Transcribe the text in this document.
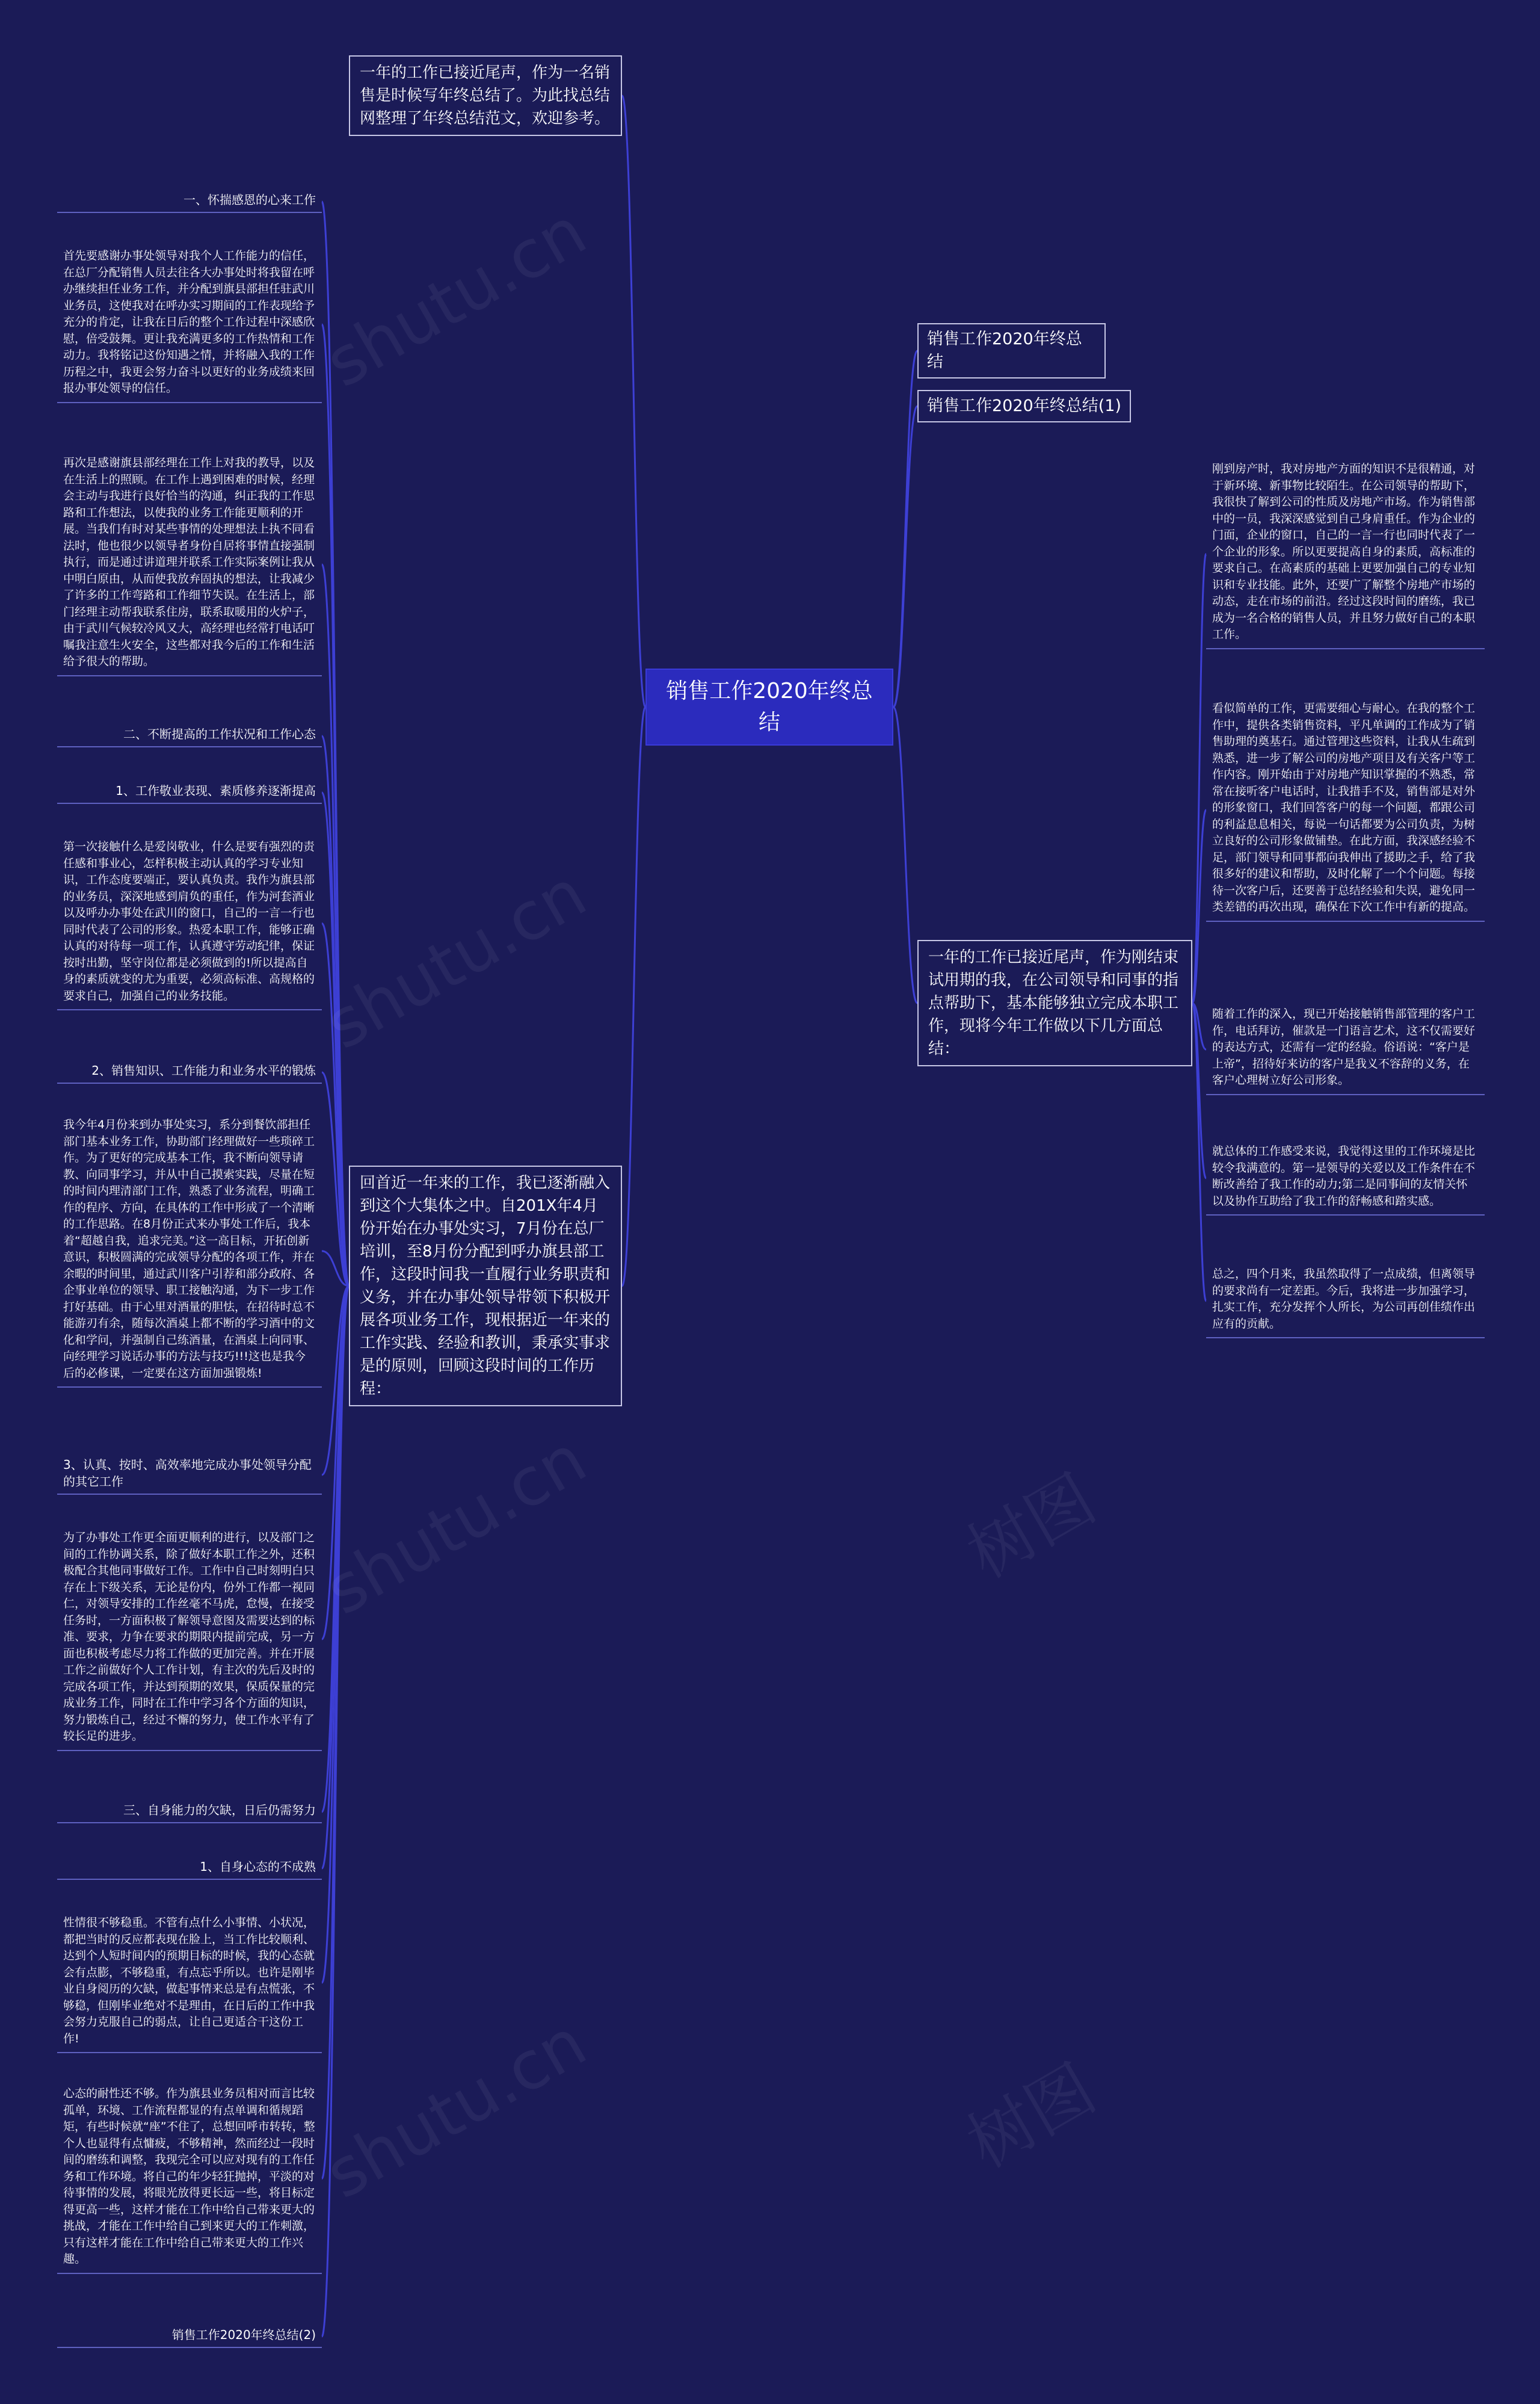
shutu.cn
shutu.cn
shutu.cn
shutu.cn
树图
树图
销售工作2020年终总结
销售工作2020年终总结
销售工作2020年终总结(1)
一年的工作已接近尾声，作为刚结束试用期的我，在公司领导和同事的指点帮助下，基本能够独立完成本职工作，现将今年工作做以下几方面总结：
刚到房产时，我对房地产方面的知识不是很精通，对于新环境、新事物比较陌生。在公司领导的帮助下，我很快了解到公司的性质及房地产市场。作为销售部中的一员，我深深感觉到自己身肩重任。作为企业的门面，企业的窗口，自己的一言一行也同时代表了一个企业的形象。所以更要提高自身的素质，高标准的要求自己。在高素质的基础上更要加强自己的专业知识和专业技能。此外，还要广了解整个房地产市场的动态，走在市场的前沿。经过这段时间的磨练，我已成为一名合格的销售人员，并且努力做好自己的本职工作。
看似简单的工作，更需要细心与耐心。在我的整个工作中，提供各类销售资料，平凡单调的工作成为了销售助理的奠基石。通过管理这些资料，让我从生疏到熟悉，进一步了解公司的房地产项目及有关客户等工作内容。刚开始由于对房地产知识掌握的不熟悉，常常在接听客户电话时，让我措手不及，销售部是对外的形象窗口，我们回答客户的每一个问题，都跟公司的利益息息相关，每说一句话都要为公司负责，为树立良好的公司形象做铺垫。在此方面，我深感经验不足，部门领导和同事都向我伸出了援助之手，给了我很多好的建议和帮助，及时化解了一个个问题。每接待一次客户后，还要善于总结经验和失误，避免同一类差错的再次出现，确保在下次工作中有新的提高。
随着工作的深入，现已开始接触销售部管理的客户工作，电话拜访，催款是一门语言艺术，这不仅需要好的表达方式，还需有一定的经验。俗语说：“客户是上帝”，招待好来访的客户是我义不容辞的义务，在客户心理树立好公司形象。
就总体的工作感受来说，我觉得这里的工作环境是比较令我满意的。第一是领导的关爱以及工作条件在不断改善给了我工作的动力;第二是同事间的友情关怀以及协作互助给了我工作的舒畅感和踏实感。
总之，四个月来，我虽然取得了一点成绩，但离领导的要求尚有一定差距。今后，我将进一步加强学习，扎实工作，充分发挥个人所长，为公司再创佳绩作出应有的贡献。
一年的工作已接近尾声，作为一名销售是时候写年终总结了。为此找总结网整理了年终总结范文，欢迎参考。
回首近一年来的工作，我已逐渐融入到这个大集体之中。自201X年4月份开始在办事处实习，7月份在总厂培训，至8月份分配到呼办旗县部工作，这段时间我一直履行业务职责和义务，并在办事处领导带领下积极开展各项业务工作，现根据近一年来的工作实践、经验和教训，秉承实事求是的原则，回顾这段时间的工作历程：
一、怀揣感恩的心来工作
首先要感谢办事处领导对我个人工作能力的信任，在总厂分配销售人员去往各大办事处时将我留在呼办继续担任业务工作，并分配到旗县部担任驻武川业务员，这使我对在呼办实习期间的工作表现给予充分的肯定，让我在日后的整个工作过程中深感欣慰，倍受鼓舞。更让我充满更多的工作热情和工作动力。我将铭记这份知遇之情，并将融入我的工作历程之中，我更会努力奋斗以更好的业务成绩来回报办事处领导的信任。
再次是感谢旗县部经理在工作上对我的教导，以及在生活上的照顾。在工作上遇到困难的时候，经理会主动与我进行良好恰当的沟通，纠正我的工作思路和工作想法，以使我的业务工作能更顺利的开展。当我们有时对某些事情的处理想法上执不同看法时，他也很少以领导者身份自居将事情直接强制执行，而是通过讲道理并联系工作实际案例让我从中明白原由，从而使我放弃固执的想法，让我减少了许多的工作弯路和工作细节失误。在生活上，部门经理主动帮我联系住房，联系取暖用的火炉子，由于武川气候较冷风又大，高经理也经常打电话叮嘱我注意生火安全，这些都对我今后的工作和生活给予很大的帮助。
二、不断提高的工作状况和工作心态
1、工作敬业表现、素质修养逐渐提高
第一次接触什么是爱岗敬业，什么是要有强烈的责任感和事业心，怎样积极主动认真的学习专业知识，工作态度要端正，要认真负责。我作为旗县部的业务员，深深地感到肩负的重任，作为河套酒业以及呼办办事处在武川的窗口，自己的一言一行也同时代表了公司的形象。热爱本职工作，能够正确认真的对待每一项工作，认真遵守劳动纪律，保证按时出勤，坚守岗位都是必须做到的!所以提高自身的素质就变的尤为重要，必须高标准、高规格的要求自己，加强自己的业务技能。
2、销售知识、工作能力和业务水平的锻炼
我今年4月份来到办事处实习，系分到餐饮部担任部门基本业务工作，协助部门经理做好一些琐碎工作。为了更好的完成基本工作，我不断向领导请教、向同事学习，并从中自己摸索实践，尽量在短的时间内理清部门工作，熟悉了业务流程，明确工作的程序、方向，在具体的工作中形成了一个清晰的工作思路。在8月份正式来办事处工作后，我本着“超越自我，追求完美。”这一高目标，开拓创新意识，积极圆满的完成领导分配的各项工作，并在余暇的时间里，通过武川客户引荐和部分政府、各企事业单位的领导、职工接触沟通，为下一步工作打好基础。由于心里对酒量的胆怯，在招待时总不能游刃有余，随每次酒桌上都不断的学习酒中的文化和学问，并强制自己练酒量，在酒桌上向同事、向经理学习说话办事的方法与技巧!!!这也是我今后的必修课，一定要在这方面加强锻炼!
3、认真、按时、高效率地完成办事处领导分配的其它工作
为了办事处工作更全面更顺利的进行，以及部门之间的工作协调关系，除了做好本职工作之外，还积极配合其他同事做好工作。工作中自己时刻明白只存在上下级关系，无论是份内，份外工作都一视同仁，对领导安排的工作丝毫不马虎，怠慢，在接受任务时，一方面积极了解领导意图及需要达到的标准、要求，力争在要求的期限内提前完成，另一方面也积极考虑尽力将工作做的更加完善。并在开展工作之前做好个人工作计划，有主次的先后及时的完成各项工作，并达到预期的效果，保质保量的完成业务工作，同时在工作中学习各个方面的知识，努力锻炼自己，经过不懈的努力，使工作水平有了较长足的进步。
三、自身能力的欠缺，日后仍需努力
1、自身心态的不成熟
性情很不够稳重。不管有点什么小事情、小状况，都把当时的反应都表现在脸上，当工作比较顺利、达到个人短时间内的预期目标的时候，我的心态就会有点膨，不够稳重，有点忘乎所以。也许是刚毕业自身阅历的欠缺，做起事情来总是有点慌张，不够稳，但刚毕业绝对不是理由，在日后的工作中我会努力克服自己的弱点，让自己更适合干这份工作!
心态的耐性还不够。作为旗县业务员相对而言比较孤单，环境、工作流程都显的有点单调和循规蹈矩，有些时候就“座”不住了，总想回呼市转转，整个人也显得有点慵疲，不够精神，然而经过一段时间的磨练和调整，我现完全可以应对现有的工作任务和工作环境。将自己的年少轻狂抛掉，平淡的对待事情的发展，将眼光放得更长远一些，将目标定得更高一些，这样才能在工作中给自己带来更大的挑战，才能在工作中给自己到来更大的工作刺激，只有这样才能在工作中给自己带来更大的工作兴趣。
销售工作2020年终总结(2)
